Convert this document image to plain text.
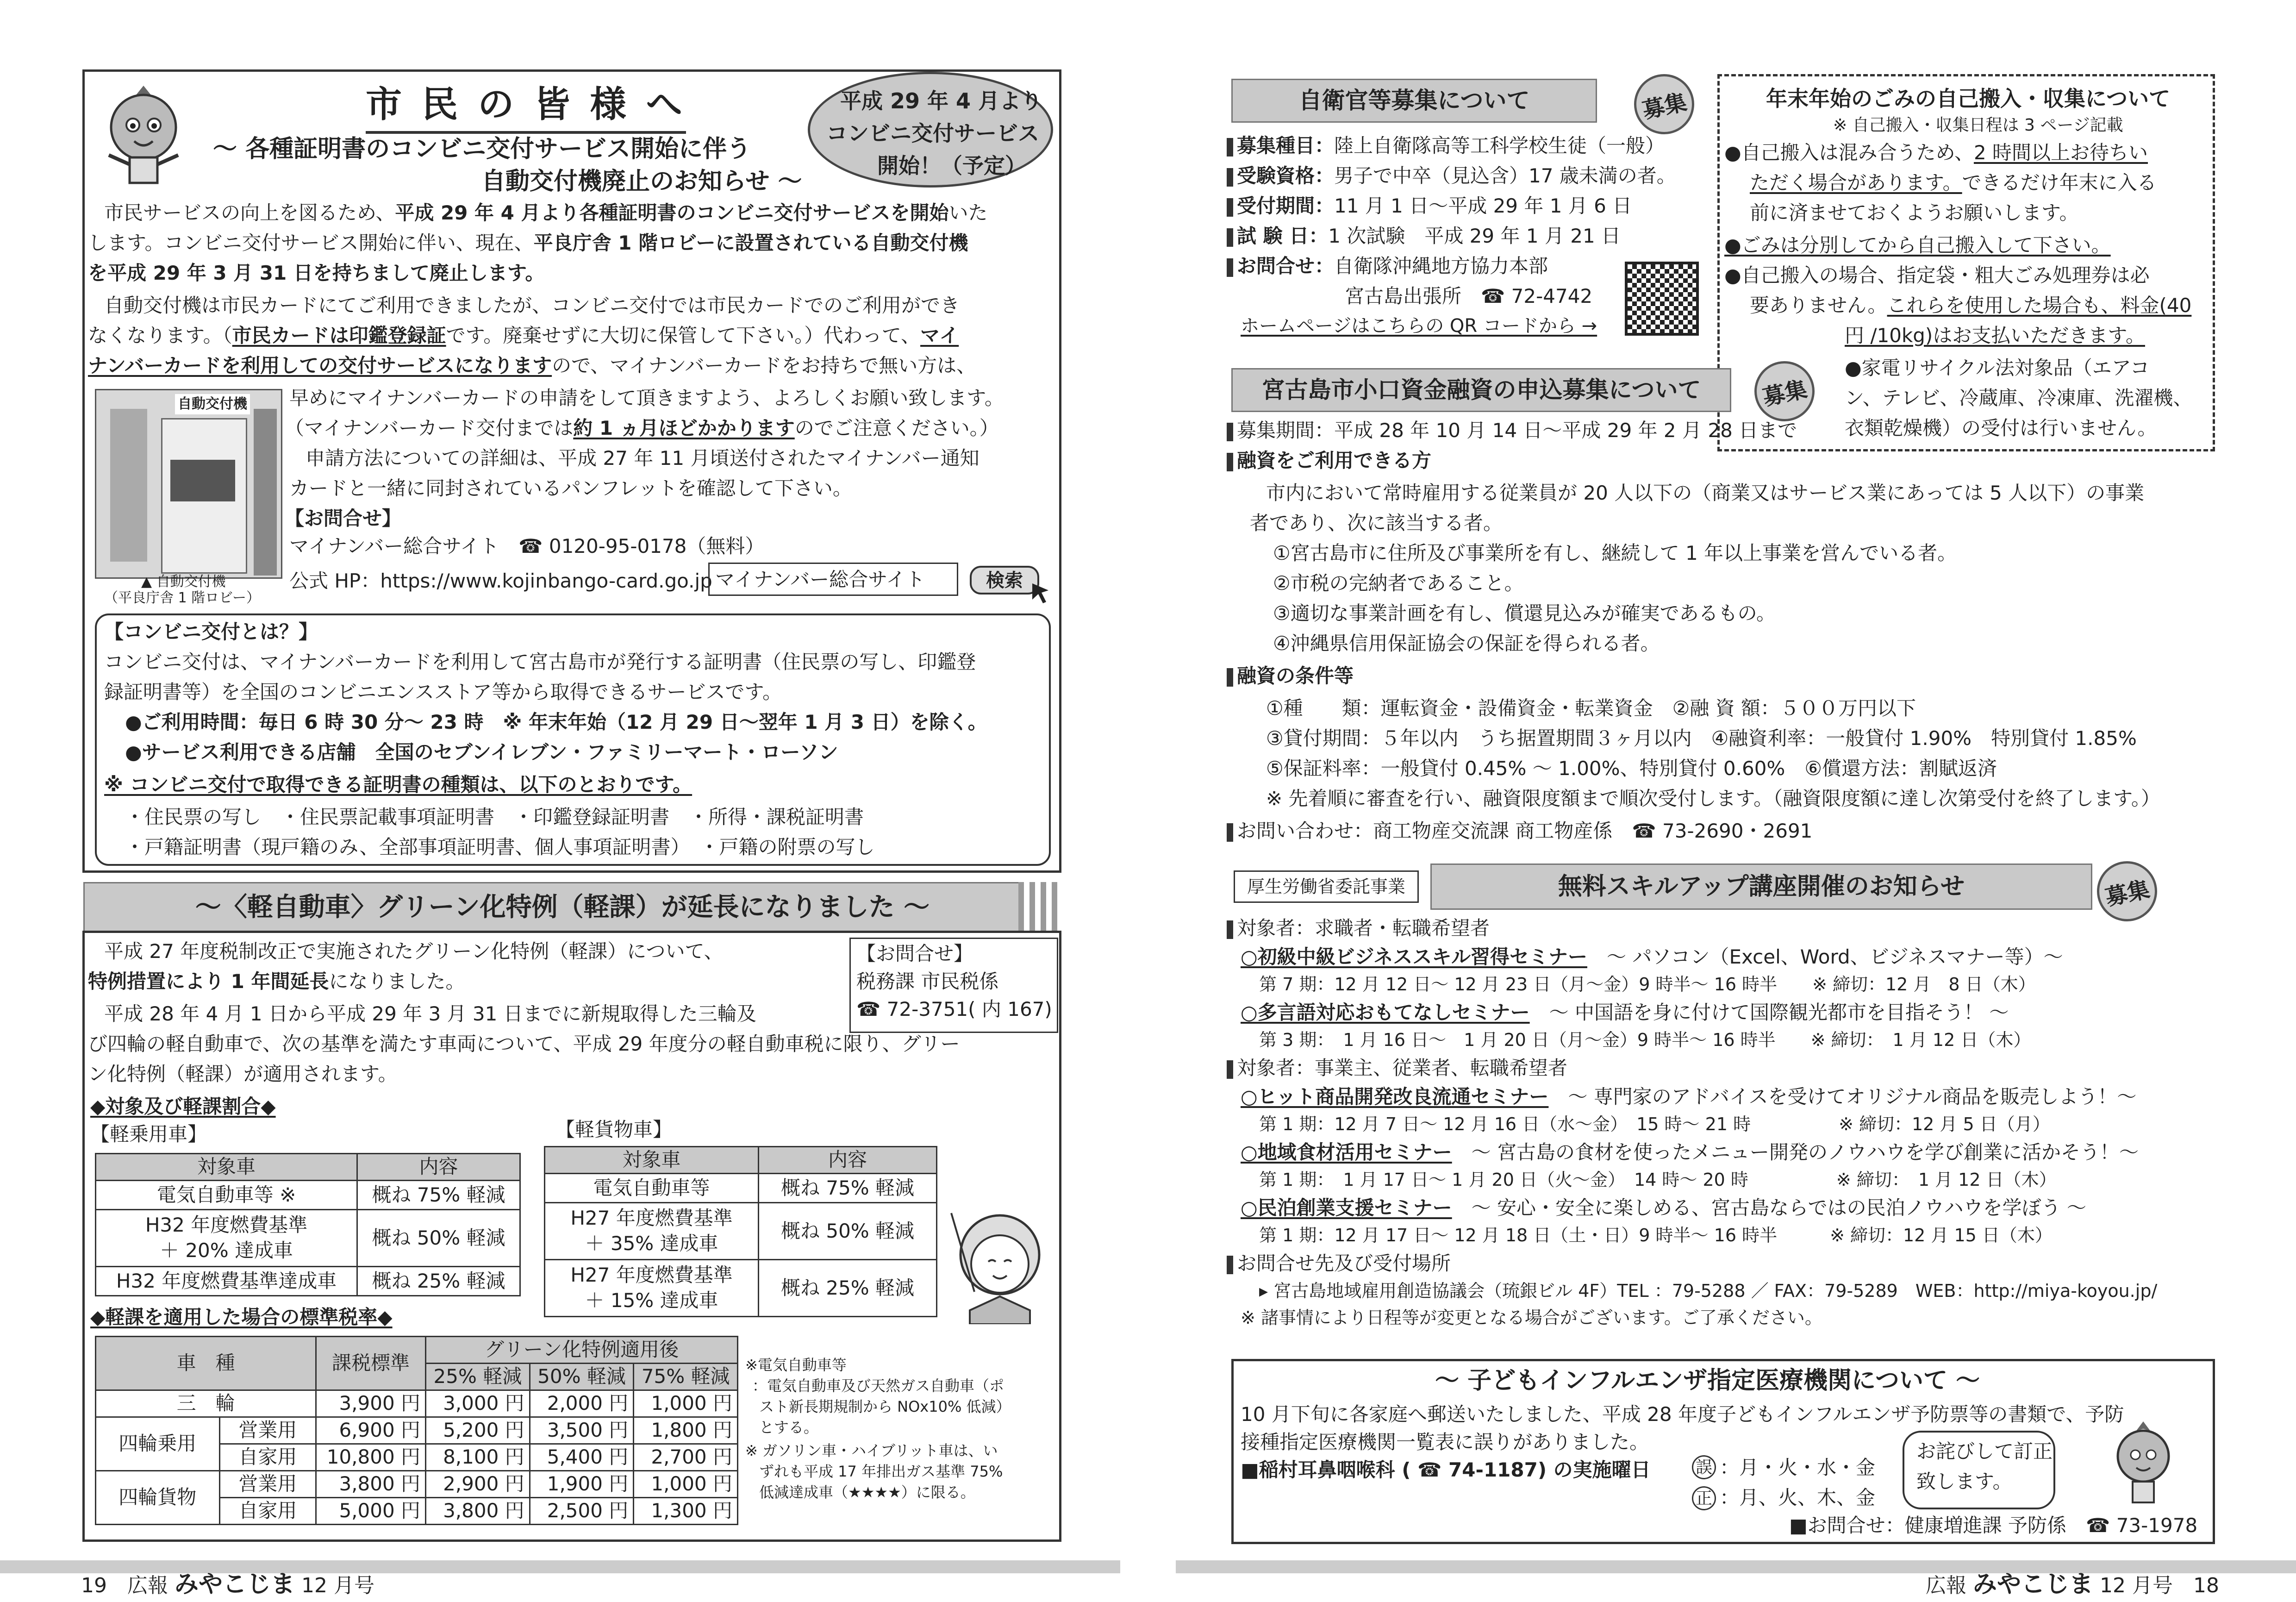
市 民 の 皆 様 へ
～ 各種証明書のコンビニ交付サービス開始に伴う
自動交付機廃止のお知らせ ～
平成 29 年 4 月より
コンビニ交付サービス
開始！（予定）
市民サービスの向上を図るため、平成 29 年 4 月より各種証明書のコンビニ交付サービスを開始いた
します。コンビニ交付サービス開始に伴い、現在、平良庁舎 1 階ロビーに設置されている自動交付機
を平成 29 年 3 月 31 日を持ちまして廃止します。
自動交付機は市民カードにてご利用できましたが、コンビニ交付では市民カードでのご利用ができ
なくなります。（市民カードは印鑑登録証です。廃棄せずに大切に保管して下さい。）代わって、マイ
ナンバーカードを利用しての交付サービスになりますので、マイナンバーカードをお持ちで無い方は、
自動交付機
▲ 自動交付機
（平良庁舎 1 階ロビー）
早めにマイナンバーカードの申請をして頂きますよう、よろしくお願い致します。
（マイナンバーカード交付までは約 1 ヵ月ほどかかりますのでご注意ください。）
申請方法についての詳細は、平成 27 年 11 月頃送付されたマイナンバー通知
カードと一緒に同封されているパンフレットを確認して下さい。
【お問合せ】
マイナンバー総合サイト　☎ 0120-95-0178（無料）
公式 HP：https://www.kojinbango-card.go.jp マイナンバー総合サイト	検索
【コンビニ交付とは？】
コンビニ交付は、マイナンバーカードを利用して宮古島市が発行する証明書（住民票の写し、印鑑登
録証明書等）を全国のコンビニエンスストア等から取得できるサービスです。
●ご利用時間：毎日 6 時 30 分～ 23 時　※ 年末年始（12 月 29 日～翌年 1 月 3 日）を除く。
●サービス利用できる店舗　全国のセブンイレブン・ファミリーマート・ローソン
※ コンビニ交付で取得できる証明書の種類は、以下のとおりです。
・住民票の写し　・住民票記載事項証明書　・印鑑登録証明書　・所得・課税証明書
・戸籍証明書（現戸籍のみ、全部事項証明書、個人事項証明書）　・戸籍の附票の写し
～〈軽自動車〉グリーン化特例（軽課）が延長になりました ～
平成 27 年度税制改正で実施されたグリーン化特例（軽課）について、
特例措置により 1 年間延長になりました。
平成 28 年 4 月 1 日から平成 29 年 3 月 31 日までに新規取得した三輪及
び四輪の軽自動車で、次の基準を満たす車両について、平成 29 年度分の軽自動車税に限り、グリー
ン化特例（軽課）が適用されます。
【お問合せ】
税務課 市民税係
☎ 72-3751( 内 167)
◆対象及び軽課割合◆
【軽乗用車】	【軽貨物車】
対象車	内容
電気自動車等 ※	概ね 75% 軽減
H32 年度燃費基準
＋ 20% 達成車	概ね 50% 軽減
H32 年度燃費基準達成車	概ね 25% 軽減
対象車	内容
電気自動車等	概ね 75% 軽減
H27 年度燃費基準
＋ 35% 達成車	概ね 50% 軽減
H27 年度燃費基準
＋ 15% 達成車	概ね 25% 軽減
◆軽課を適用した場合の標準税率◆
車　種		課税標準	グリーン化特例適用後		
			25% 軽減	50% 軽減	75% 軽減
三　輪		3,900 円	3,000 円	2,000 円	1,000 円
四輪乗用	営業用	6,900 円	5,200 円	3,500 円	1,800 円
	自家用	10,800 円	8,100 円	5,400 円	2,700 円
四輪貨物	営業用	3,800 円	2,900 円	1,900 円	1,000 円
	自家用	5,000 円	3,800 円	2,500 円	1,300 円
※電気自動車等
：電気自動車及び天然ガス自動車（ポ
スト新長期規制から NOx10% 低減）
とする。
※ ガソリン車・ハイブリット車は、い
ずれも平成 17 年排出ガス基準 75%
低減達成車（★★★★）に限る。
19　広報 みやこじま 12 月号
自衛官等募集について	募集
募集種目：陸上自衛隊高等工科学校生徒（一般）
受験資格：男子で中卒（見込含）17 歳未満の者。
受付期間：11 月 1 日～平成 29 年 1 月 6 日
試 験 日：1 次試験　平成 29 年 1 月 21 日
お問合せ：自衛隊沖縄地方協力本部
宮古島出張所　☎ 72-4742
ホームページはこちらの QR コードから →
年末年始のごみの自己搬入・収集について
※ 自己搬入・収集日程は 3 ページ記載
●自己搬入は混み合うため、2 時間以上お待ちい
ただく場合があります。できるだけ年末に入る
前に済ませておくようお願いします。
●ごみは分別してから自己搬入して下さい。
●自己搬入の場合、指定袋・粗大ごみ処理券は必
要ありません。これらを使用した場合も、料金(40
円 /10kg)はお支払いただきます。
●家電リサイクル法対象品（エアコ
ン、テレビ、冷蔵庫、冷凍庫、洗濯機、
衣類乾燥機）の受付は行いません。
宮古島市小口資金融資の申込募集について	募集
募集期間：平成 28 年 10 月 14 日～平成 29 年 2 月 28 日まで
融資をご利用できる方
市内において常時雇用する従業員が 20 人以下の（商業又はサービス業にあっては 5 人以下）の事業
者であり、次に該当する者。
①宮古島市に住所及び事業所を有し、継続して 1 年以上事業を営んでいる者。
②市税の完納者であること。
③適切な事業計画を有し、償還見込みが確実であるもの。
④沖縄県信用保証協会の保証を得られる者。
融資の条件等
①種　　類：運転資金・設備資金・転業資金　②融 資 額：５００万円以下
③貸付期間：５年以内　うち据置期間３ヶ月以内　④融資利率：一般貸付 1.90%　特別貸付 1.85%
⑤保証料率：一般貸付 0.45% ～ 1.00%、特別貸付 0.60%　⑥償還方法：割賦返済
※ 先着順に審査を行い、融資限度額まで順次受付します。（融資限度額に達し次第受付を終了します。）
お問い合わせ：商工物産交流課 商工物産係　☎ 73-2690・2691
厚生労働省委託事業	無料スキルアップ講座開催のお知らせ	募集
対象者：求職者・転職希望者
○初級中級ビジネススキル習得セミナー　～ パソコン（Excel、Word、ビジネスマナー等）～
第 7 期：12 月 12 日～ 12 月 23 日（月～金）9 時半～ 16 時半　　※ 締切：12 月　8 日（木）
○多言語対応おもてなしセミナー　～ 中国語を身に付けて国際観光都市を目指そう！ ～
第 3 期：　1 月 16 日～　1 月 20 日（月～金）9 時半～ 16 時半　　※ 締切：　1 月 12 日（木）
対象者：事業主、従業者、転職希望者
○ヒット商品開発改良流通セミナー　～ 専門家のアドバイスを受けてオリジナル商品を販売しよう！～
第 1 期：12 月 7 日～ 12 月 16 日（水～金）　15 時～ 21 時　　　　　※ 締切：12 月 5 日（月）
○地域食材活用セミナー　～ 宮古島の食材を使ったメニュー開発のノウハウを学び創業に活かそう！～
第 1 期：　1 月 17 日～ 1 月 20 日（火～金）　14 時～ 20 時　　　　　※ 締切：　1 月 12 日（木）
○民泊創業支援セミナー　～ 安心・安全に楽しめる、宮古島ならではの民泊ノウハウを学ぼう ～
第 1 期：12 月 17 日～ 12 月 18 日（土・日）9 時半～ 16 時半　　　※ 締切：12 月 15 日（木）
お問合せ先及び受付場所
▸ 宮古島地域雇用創造協議会（琉銀ビル 4F）TEL ：79-5288 ／ FAX：79-5289　WEB：http://miya-koyou.jp/
※ 諸事情により日程等が変更となる場合がございます。ご了承ください。
～ 子どもインフルエンザ指定医療機関について ～
10 月下旬に各家庭へ郵送いたしました、平成 28 年度子どもインフルエンザ予防票等の書類で、予防
接種指定医療機関一覧表に誤りがありました。
■稲村耳鼻咽喉科 ( ☎ 74-1187) の実施曜日	誤 ：月・火・水・金
正 ：月、火、木、金
お詫びして訂正
致します。
■お問合せ：健康増進課 予防係　☎ 73-1978
広報 みやこじま 12 月号　18
